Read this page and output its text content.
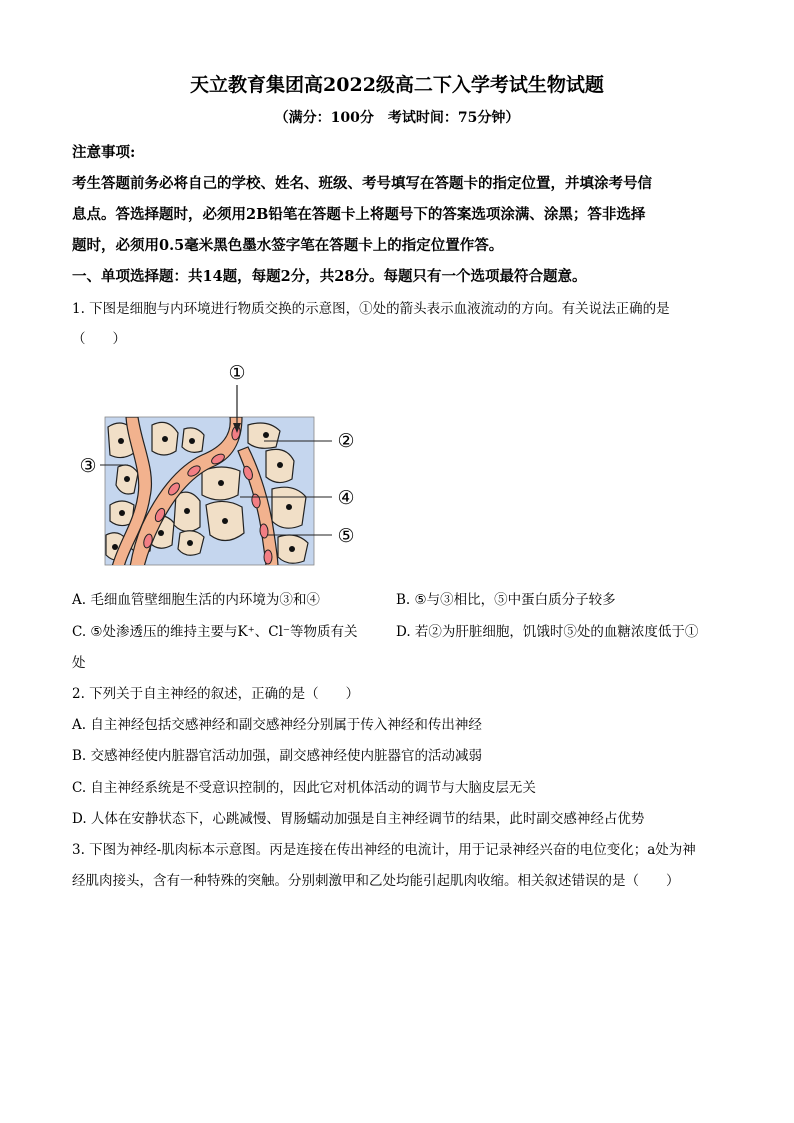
天立教育集团高2022级高二下入学考试生物试题
（满分：100分　考试时间：75分钟）
注意事项:
考生答题前务必将自己的学校、姓名、班级、考号填写在答题卡的指定位置，并填涂考号信
息点。答选择题时，必须用2B铅笔在答题卡上将题号下的答案选项涂满、涂黑；答非选择
题时，必须用0.5毫米黑色墨水签字笔在答题卡上的指定位置作答。
一、单项选择题：共14题，每题2分，共28分。每题只有一个选项最符合题意。
1. 下图是细胞与内环境进行物质交换的示意图，①处的箭头表示血液流动的方向。有关说法正确的是
（　　）
①
②
③
④
⑤
A. 毛细血管壁细胞生活的内环境为③和④	B. ⑤与③相比，⑤中蛋白质分子较多
C. ⑤处渗透压的维持主要与K⁺、Cl⁻等物质有关	D. 若②为肝脏细胞，饥饿时⑤处的血糖浓度低于①
处
2. 下列关于自主神经的叙述，正确的是（　　）
A. 自主神经包括交感神经和副交感神经分别属于传入神经和传出神经
B. 交感神经使内脏器官活动加强，副交感神经使内脏器官的活动减弱
C. 自主神经系统是不受意识控制的，因此它对机体活动的调节与大脑皮层无关
D. 人体在安静状态下，心跳减慢、胃肠蠕动加强是自主神经调节的结果，此时副交感神经占优势
3. 下图为神经-肌肉标本示意图。丙是连接在传出神经的电流计，用于记录神经兴奋的电位变化；a处为神
经肌肉接头，含有一种特殊的突触。分别刺激甲和乙处均能引起肌肉收缩。相关叙述错误的是（　　）
